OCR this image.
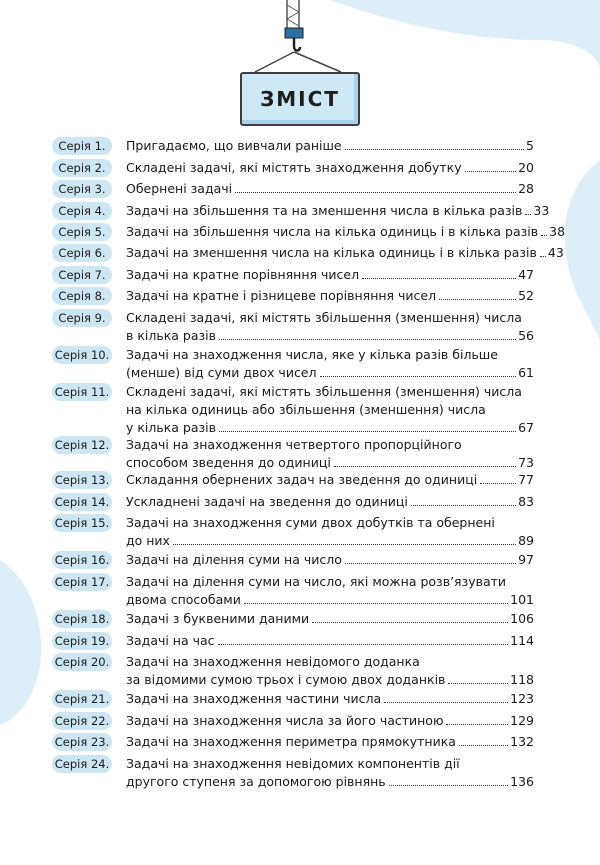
ЗМІСТ
Серія 1.	Пригадаємо, що вивчали раніше	5
Серія 2.	Складені задачі, які містять знаходження добутку	20
Серія 3.	Обернені задачі	28
Серія 4.	Задачі на збільшення та на зменшення числа в кілька разів 33
Серія 5.	Задачі на збільшення числа на кілька одиниць і в кілька разів 38
Серія 6.	Задачі на зменшення числа на кілька одиниць і в кілька разів 43
Серія 7.	Задачі на кратне порівняння чисел	47
Серія 8.	Задачі на кратне і різницеве порівняння чисел	52
Серія 9.	Складені задачі, які містять збільшення (зменшення) числа
в кілька разів	56
Серія 10. Задачі на знаходження числа, яке у кілька разів більше
(менше) від суми двох чисел	61
Серія 11. Складені задачі, які містять збільшення (зменшення) числа
на кілька одиниць або збільшення (зменшення) числа
у кілька разів	67
Серія 12. Задачі на знаходження четвертого пропорційного
способом зведення до одиниці	73
Серія 13. Складання обернених задач на зведення до одиниці	77
Серія 14. Ускладнені задачі на зведення до одиниці	83
Серія 15. Задачі на знаходження суми двох добутків та обернені
до них	89
Серія 16. Задачі на ділення суми на число	97
Серія 17. Задачі на ділення суми на число, які можна розв’язувати
двома способами	101
Серія 18. Задачі з буквеними даними	106
Серія 19. Задачі на час	114
Серія 20. Задачі на знаходження невідомого доданка
за відомими сумою трьох і сумою двох доданків	118
Серія 21. Задачі на знаходження частини числа	123
Серія 22. Задачі на знаходження числа за його частиною	129
Серія 23. Задачі на знаходження периметра прямокутника	132
Серія 24. Задачі на знаходження невідомих компонентів дії
другого ступеня за допомогою рівнянь	136
